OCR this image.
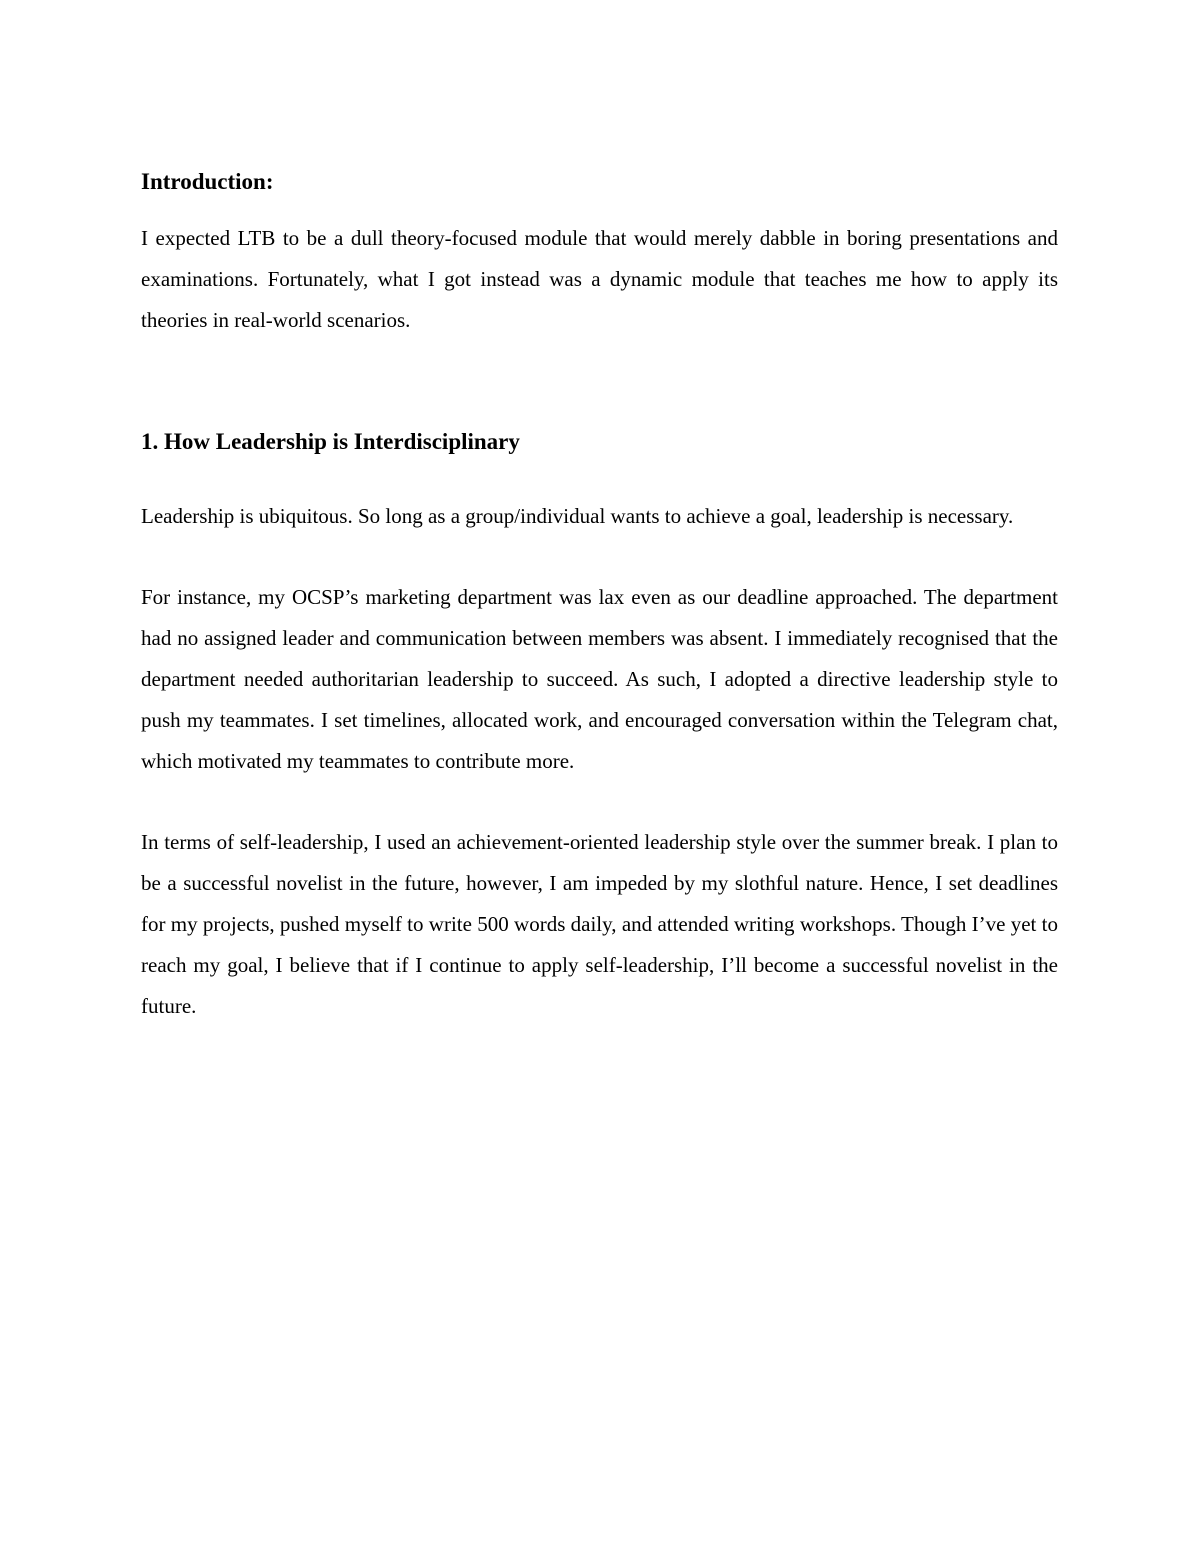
Introduction:

I expected LTB to be a dull theory-focused module that would merely dabble in boring presentations and examinations. Fortunately, what I got instead was a dynamic module that teaches me how to apply its theories in real-world scenarios.

1. How Leadership is Interdisciplinary

Leadership is ubiquitous. So long as a group/individual wants to achieve a goal, leadership is necessary.

For instance, my OCSP’s marketing department was lax even as our deadline approached. The department had no assigned leader and communication between members was absent. I immediately recognised that the department needed authoritarian leadership to succeed. As such, I adopted a directive leadership style to push my teammates. I set timelines, allocated work, and encouraged conversation within the Telegram chat, which motivated my teammates to contribute more.

In terms of self-leadership, I used an achievement-oriented leadership style over the summer break. I plan to be a successful novelist in the future, however, I am impeded by my slothful nature. Hence, I set deadlines for my projects, pushed myself to write 500 words daily, and attended writing workshops. Though I’ve yet to reach my goal, I believe that if I continue to apply self-leadership, I’ll become a successful novelist in the future.
